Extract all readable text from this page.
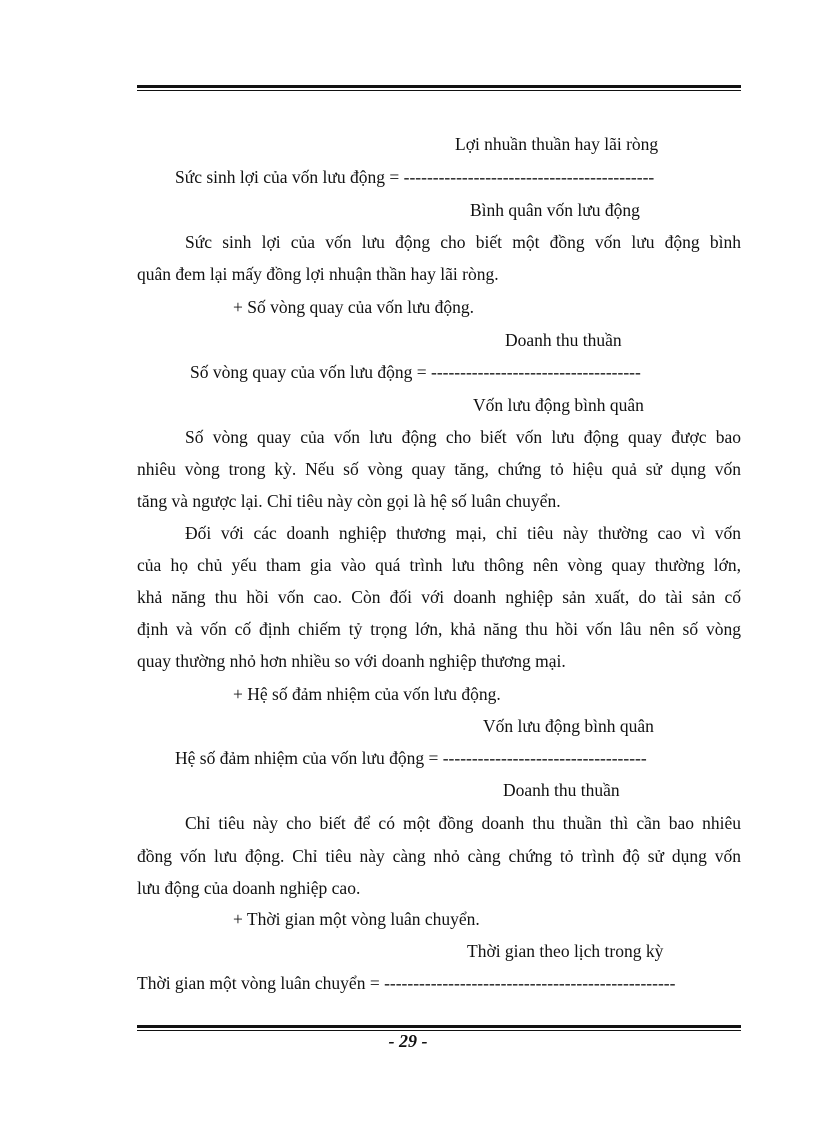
Lợi nhuần thuần hay lãi ròng
Sức sinh lợi của vốn lưu động = -------------------------------------------
Bình quân vốn lưu động
Sức sinh lợi của vốn lưu động cho biết một đồng vốn lưu động bình
quân đem lại mấy đồng lợi nhuận thần hay lãi ròng.
+ Số vòng quay của vốn lưu động.
Doanh thu thuần
Số vòng quay của vốn lưu động = ------------------------------------
Vốn lưu động bình quân
Số vòng quay của vốn lưu động cho biết vốn lưu động quay được bao
nhiêu vòng trong kỳ. Nếu số vòng quay tăng, chứng tỏ hiệu quả sử dụng vốn
tăng và ngược lại. Chỉ tiêu này còn gọi là hệ số luân chuyển.
Đối với các doanh nghiệp thương mại, chỉ tiêu này thường cao vì vốn
của họ chủ yếu tham gia vào quá trình lưu thông nên vòng quay thường lớn,
khả năng thu hồi vốn cao. Còn đối với doanh nghiệp sản xuất, do tài sản cố
định và vốn cố định chiếm tỷ trọng lớn, khả năng thu hồi vốn lâu nên số vòng
quay thường nhỏ hơn nhiều so với doanh nghiệp thương mại.
+ Hệ số đảm nhiệm của vốn lưu động.
Vốn lưu động bình quân
Hệ số đảm nhiệm của vốn lưu động = -----------------------------------
Doanh thu thuần
Chỉ tiêu này cho biết để có một đồng doanh thu thuần thì cần bao nhiêu
đồng vốn lưu động. Chỉ tiêu này càng nhỏ càng chứng tỏ trình độ sử dụng vốn
lưu động của doanh nghiệp cao.
+ Thời gian một vòng luân chuyển.
Thời gian theo lịch trong kỳ
Thời gian một vòng luân chuyển = --------------------------------------------------
- 29 -
